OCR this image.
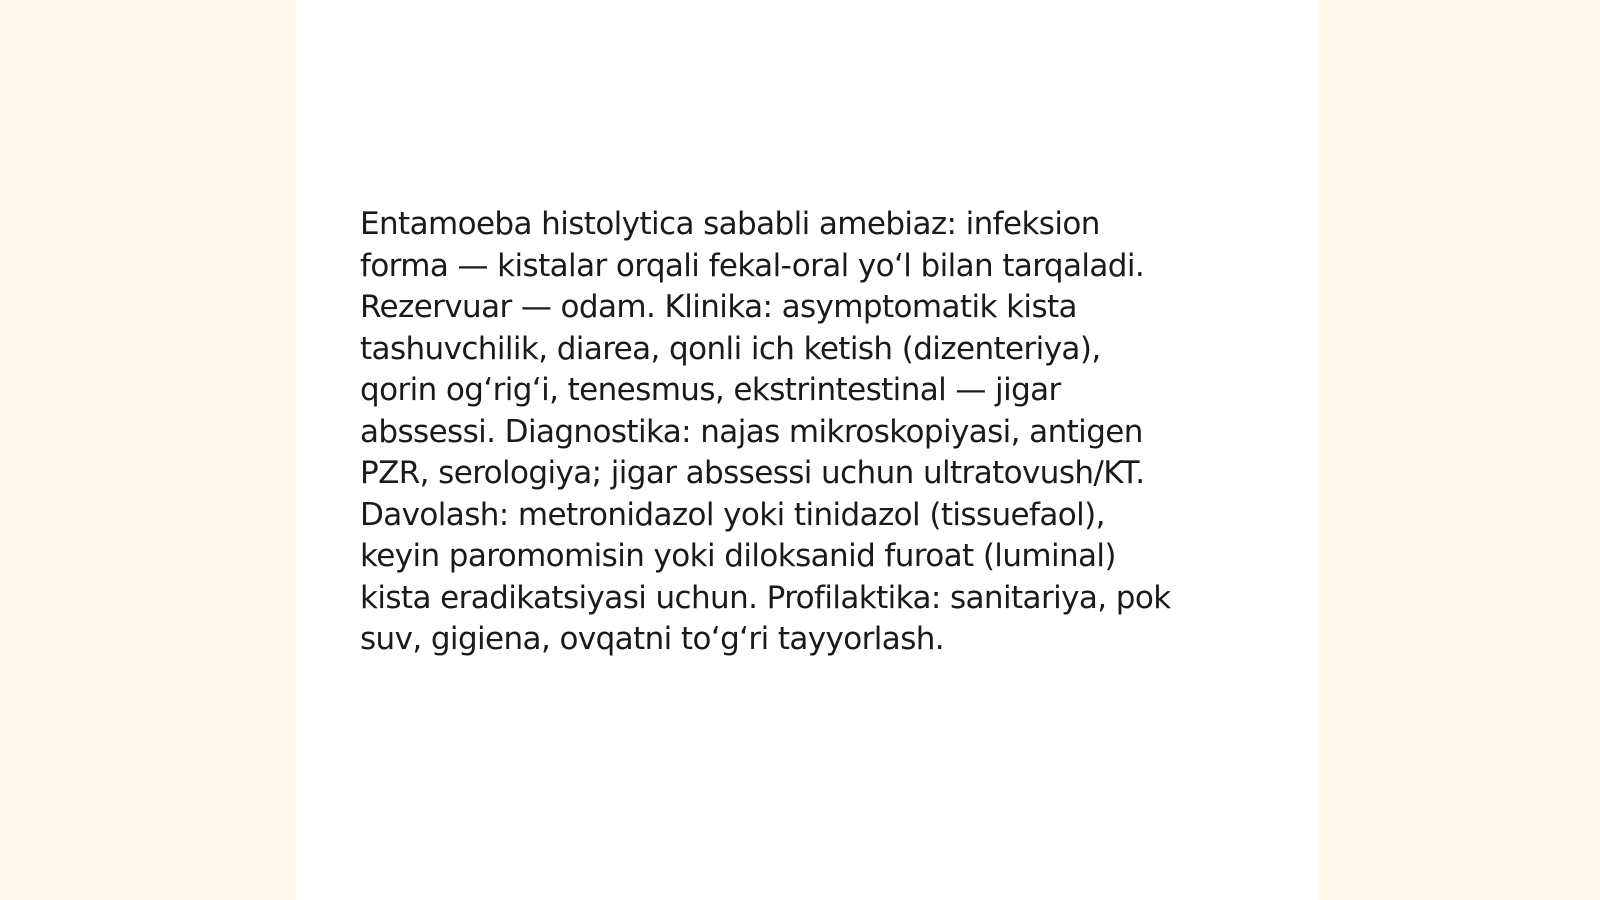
Entamoeba histolytica sababli amebiaz: infeksion
forma — kistalar orqali fekal-oral yoʻl bilan tarqaladi.
Rezervuar — odam. Klinika: asymptomatik kista
tashuvchilik, diarea, qonli ich ketish (dizenteriya),
qorin ogʻrigʻi, tenesmus, ekstrintestinal — jigar
abssessi. Diagnostika: najas mikroskopiyasi, antigen
PZR, serologiya; jigar abssessi uchun ultratovush/KT.
Davolash: metronidazol yoki tinidazol (tissuefaol),
keyin paromomisin yoki diloksanid furoat (luminal)
kista eradikatsiyasi uchun. Profilaktika: sanitariya, pok
suv, gigiena, ovqatni toʻgʻri tayyorlash.
